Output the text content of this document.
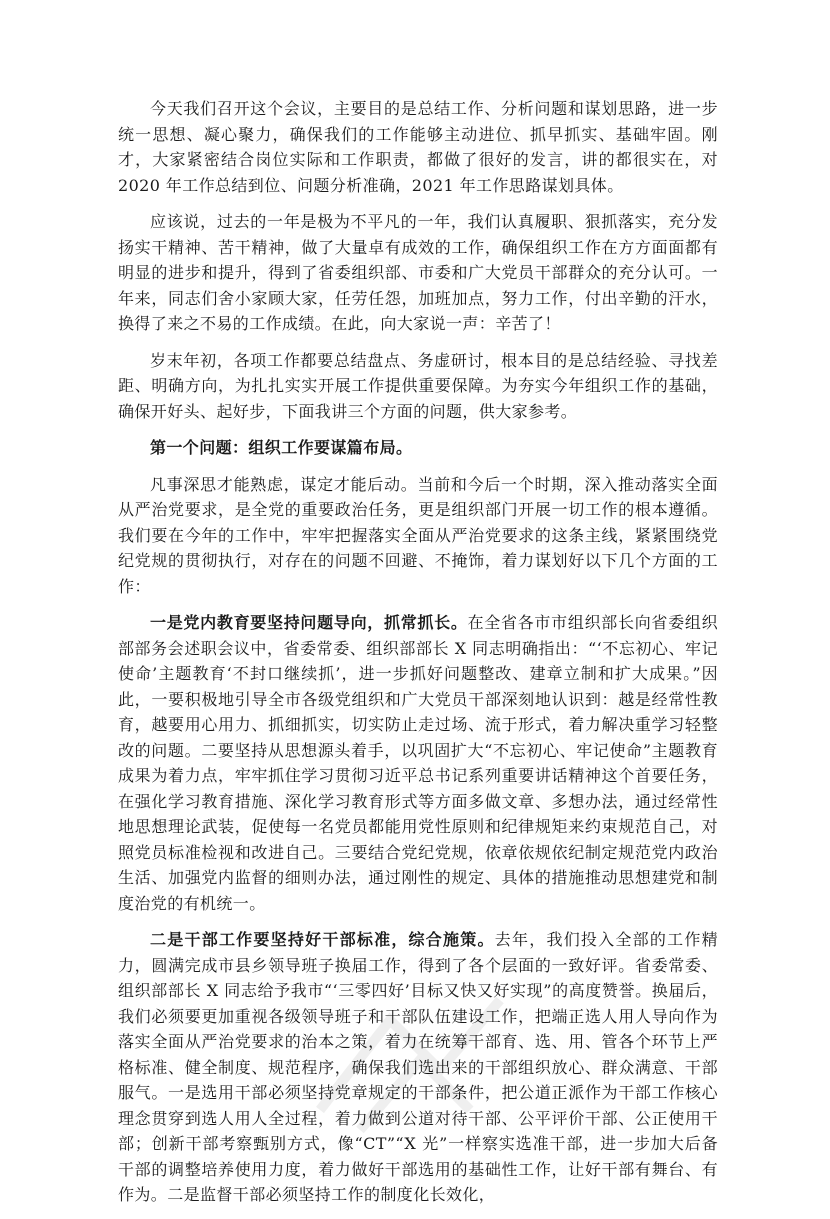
今天我们召开这个会议，主要目的是总结工作、分析问题和谋划思路，进一步统一思想、凝心聚力，确保我们的工作能够主动进位、抓早抓实、基础牢固。刚才，大家紧密结合岗位实际和工作职责，都做了很好的发言，讲的都很实在，对 2020 年工作总结到位、问题分析准确，2021 年工作思路谋划具体。

应该说，过去的一年是极为不平凡的一年，我们认真履职、狠抓落实，充分发扬实干精神、苦干精神，做了大量卓有成效的工作，确保组织工作在方方面面都有明显的进步和提升，得到了省委组织部、市委和广大党员干部群众的充分认可。一年来，同志们舍小家顾大家，任劳任怨，加班加点，努力工作，付出辛勤的汗水，换得了来之不易的工作成绩。在此，向大家说一声：辛苦了！

岁末年初，各项工作都要总结盘点、务虚研讨，根本目的是总结经验、寻找差距、明确方向，为扎扎实实开展工作提供重要保障。为夯实今年组织工作的基础，确保开好头、起好步，下面我讲三个方面的问题，供大家参考。

第一个问题：组织工作要谋篇布局。

凡事深思才能熟虑，谋定才能后动。当前和今后一个时期，深入推动落实全面从严治党要求，是全党的重要政治任务，更是组织部门开展一切工作的根本遵循。我们要在今年的工作中，牢牢把握落实全面从严治党要求的这条主线，紧紧围绕党纪党规的贯彻执行，对存在的问题不回避、不掩饰，着力谋划好以下几个方面的工作：

一是党内教育要坚持问题导向，抓常抓长。在全省各市市组织部长向省委组织部部务会述职会议中，省委常委、组织部部长 X 同志明确指出：“‘不忘初心、牢记使命’主题教育‘不封口继续抓’，进一步抓好问题整改、建章立制和扩大成果。”因此，一要积极地引导全市各级党组织和广大党员干部深刻地认识到：越是经常性教育，越要用心用力、抓细抓实，切实防止走过场、流于形式，着力解决重学习轻整改的问题。二要坚持从思想源头着手，以巩固扩大“不忘初心、牢记使命”主题教育成果为着力点，牢牢抓住学习贯彻习近平总书记系列重要讲话精神这个首要任务，在强化学习教育措施、深化学习教育形式等方面多做文章、多想办法，通过经常性地思想理论武装，促使每一名党员都能用党性原则和纪律规矩来约束规范自己，对照党员标准检视和改进自己。三要结合党纪党规，依章依规依纪制定规范党内政治生活、加强党内监督的细则办法，通过刚性的规定、具体的措施推动思想建党和制度治党的有机统一。

二是干部工作要坚持好干部标准，综合施策。去年，我们投入全部的工作精力，圆满完成市县乡领导班子换届工作，得到了各个层面的一致好评。省委常委、组织部部长 X 同志给予我市“‘三零四好’目标又快又好实现”的高度赞誉。换届后，我们必须要更加重视各级领导班子和干部队伍建设工作，把端正选人用人导向作为落实全面从严治党要求的治本之策，着力在统筹干部育、选、用、管各个环节上严格标准、健全制度、规范程序，确保我们选出来的干部组织放心、群众满意、干部服气。一是选用干部必须坚持党章规定的干部条件，把公道正派作为干部工作核心理念贯穿到选人用人全过程，着力做到公道对待干部、公平评价干部、公正使用干部；创新干部考察甄别方式，像“CT”“X 光”一样察实选准干部，进一步加大后备干部的调整培养使用力度，着力做好干部选用的基础性工作，让好干部有舞台、有作为。二是监督干部必须坚持工作的制度化长效化，
